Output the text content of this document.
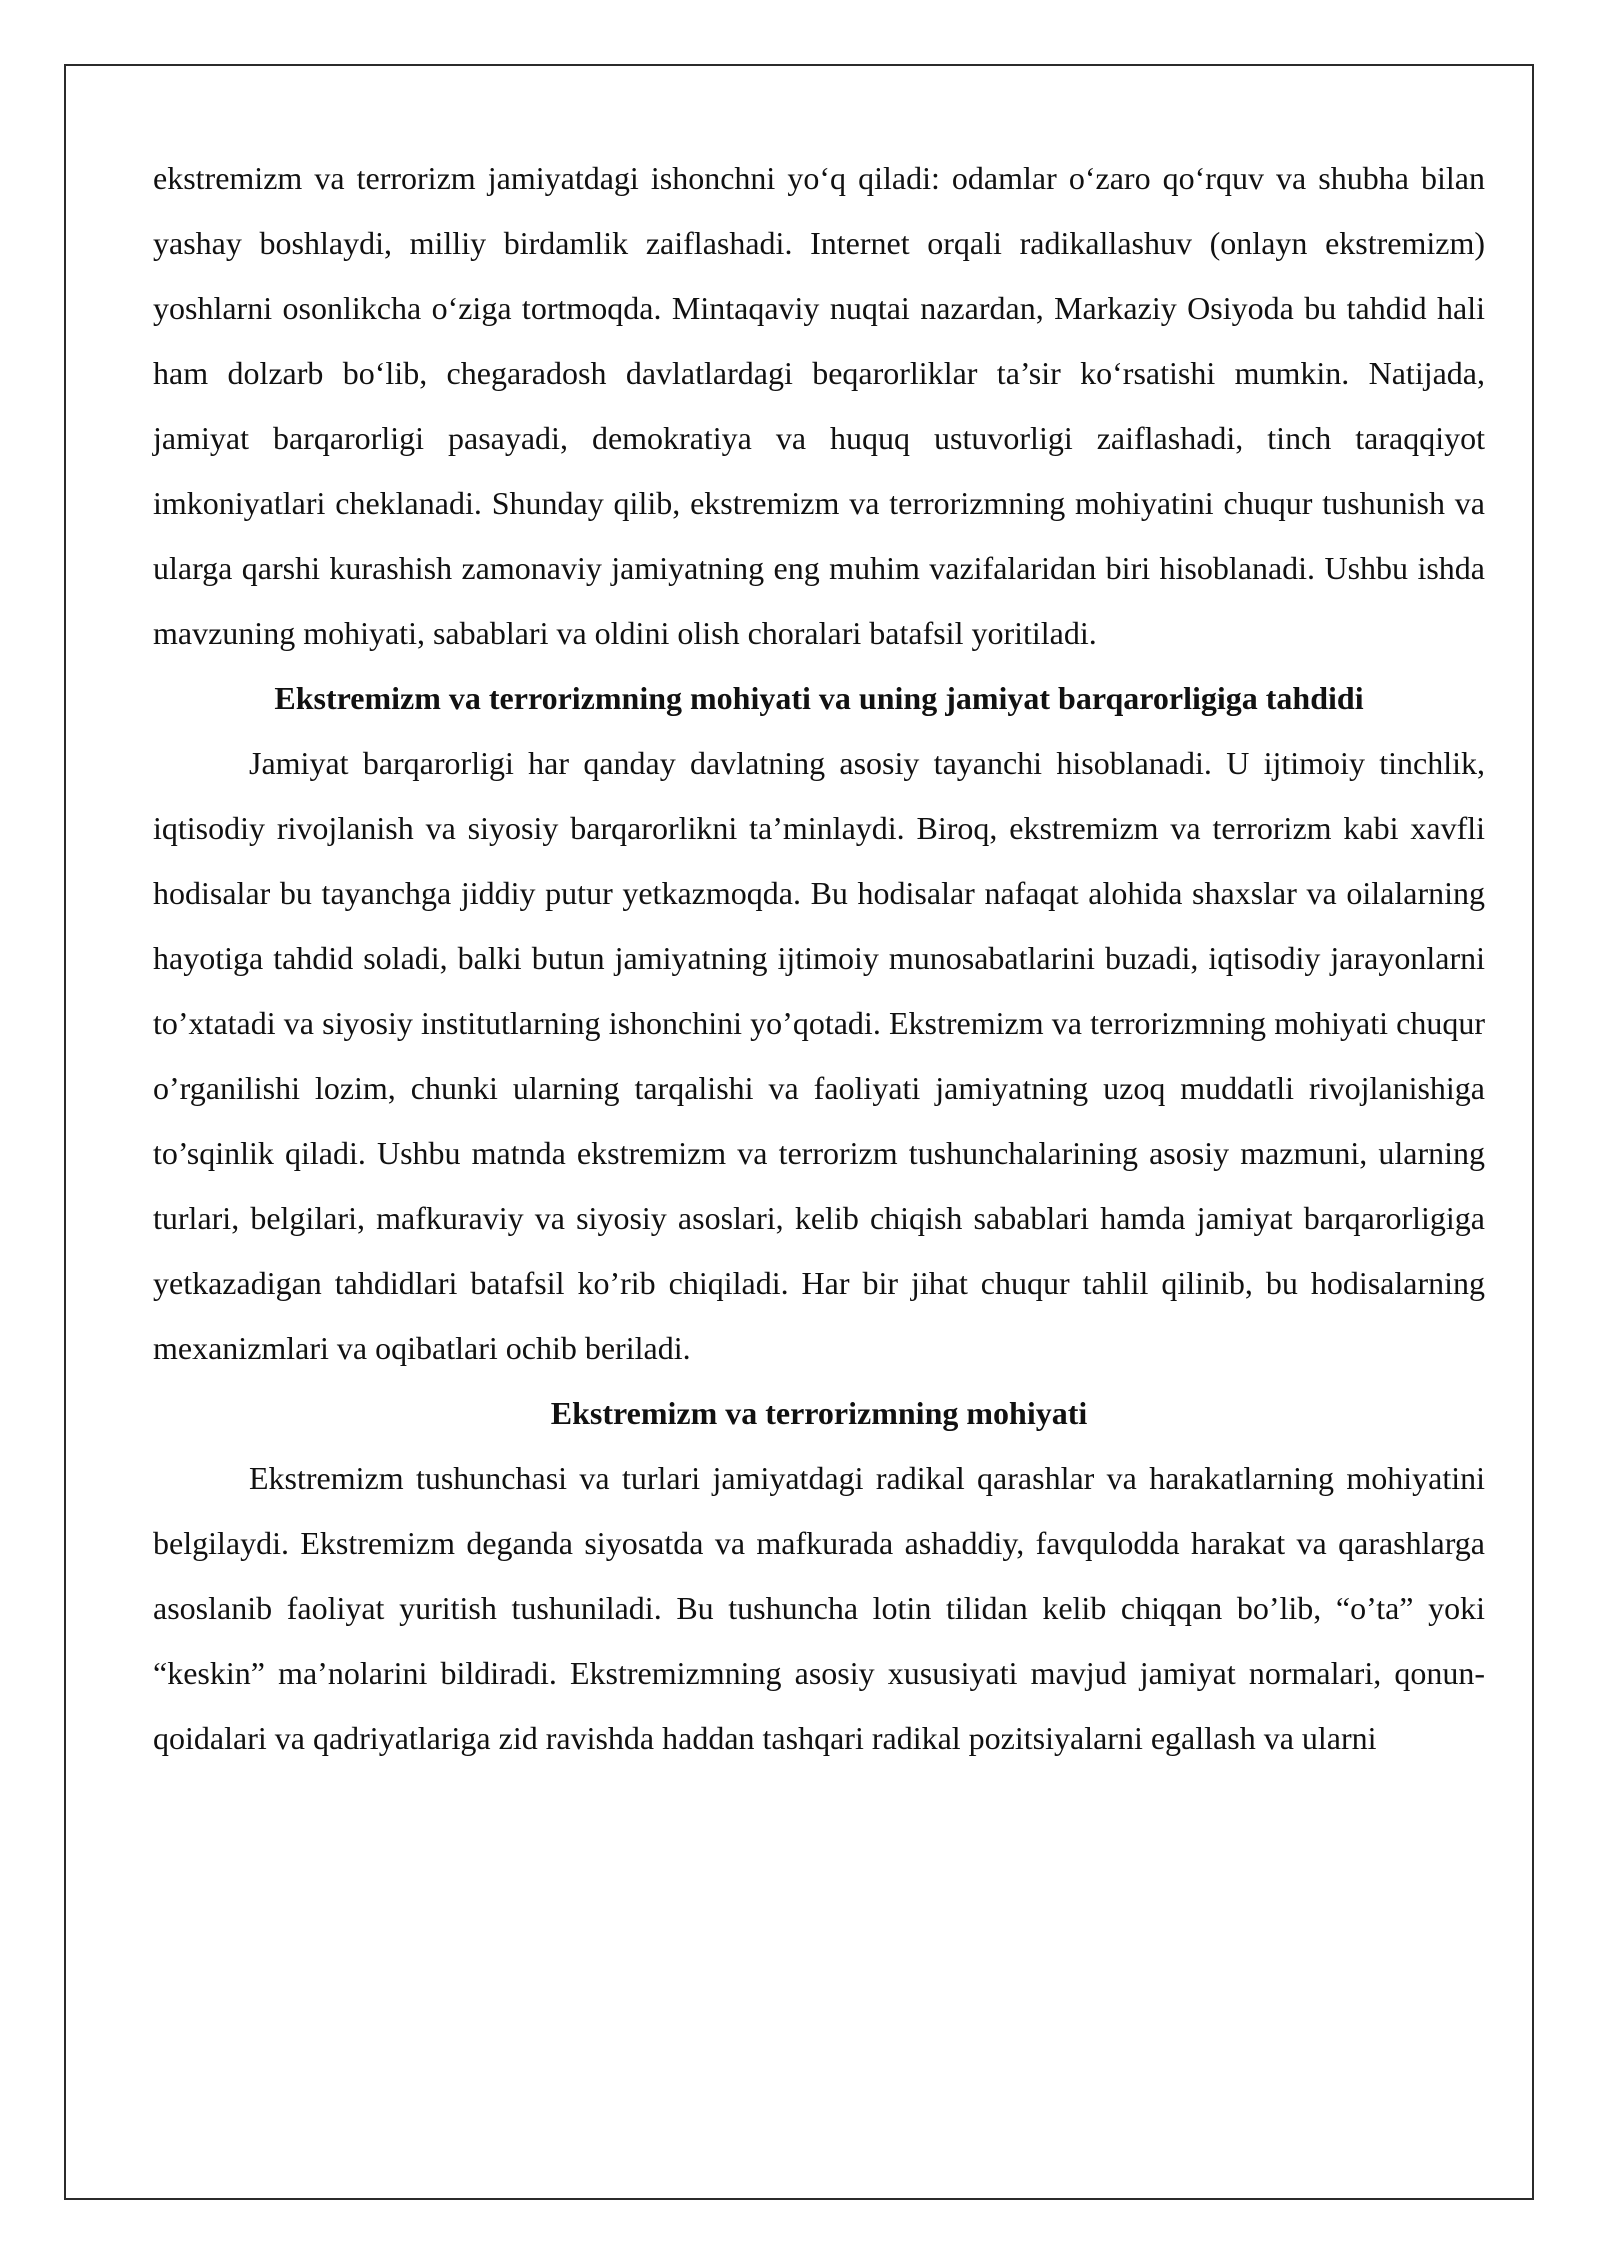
ekstremizm va terrorizm jamiyatdagi ishonchni yo‘q qiladi: odamlar o‘zaro qo‘rquv va shubha bilan yashay boshlaydi, milliy birdamlik zaiflashadi. Internet orqali radikallashuv (onlayn ekstremizm) yoshlarni osonlikcha o‘ziga tortmoqda. Mintaqaviy nuqtai nazardan, Markaziy Osiyoda bu tahdid hali ham dolzarb bo‘lib, chegaradosh davlatlardagi beqarorliklar ta’sir ko‘rsatishi mumkin. Natijada, jamiyat barqarorligi pasayadi, demokratiya va huquq ustuvorligi zaiflashadi, tinch taraqqiyot imkoniyatlari cheklanadi. Shunday qilib, ekstremizm va terrorizmning mohiyatini chuqur tushunish va ularga qarshi kurashish zamonaviy jamiyatning eng muhim vazifalaridan biri hisoblanadi. Ushbu ishda mavzuning mohiyati, sabablari va oldini olish choralari batafsil yoritiladi.

Ekstremizm va terrorizmning mohiyati va uning jamiyat barqarorligiga tahdidi

Jamiyat barqarorligi har qanday davlatning asosiy tayanchi hisoblanadi. U ijtimoiy tinchlik, iqtisodiy rivojlanish va siyosiy barqarorlikni ta’minlaydi. Biroq, ekstremizm va terrorizm kabi xavfli hodisalar bu tayanchga jiddiy putur yetkazmoqda. Bu hodisalar nafaqat alohida shaxslar va oilalarning hayotiga tahdid soladi, balki butun jamiyatning ijtimoiy munosabatlarini buzadi, iqtisodiy jarayonlarni to’xtatadi va siyosiy institutlarning ishonchini yo’qotadi. Ekstremizm va terrorizmning mohiyati chuqur o’rganilishi lozim, chunki ularning tarqalishi va faoliyati jamiyatning uzoq muddatli rivojlanishiga to’sqinlik qiladi. Ushbu matnda ekstremizm va terrorizm tushunchalarining asosiy mazmuni, ularning turlari, belgilari, mafkuraviy va siyosiy asoslari, kelib chiqish sabablari hamda jamiyat barqarorligiga yetkazadigan tahdidlari batafsil ko’rib chiqiladi. Har bir jihat chuqur tahlil qilinib, bu hodisalarning mexanizmlari va oqibatlari ochib beriladi.

Ekstremizm va terrorizmning mohiyati

Ekstremizm tushunchasi va turlari jamiyatdagi radikal qarashlar va harakatlarning mohiyatini belgilaydi. Ekstremizm deganda siyosatda va mafkurada ashaddiy, favqulodda harakat va qarashlarga asoslanib faoliyat yuritish tushuniladi. Bu tushuncha lotin tilidan kelib chiqqan bo’lib, “o’ta” yoki “keskin” ma’nolarini bildiradi. Ekstremizmning asosiy xususiyati mavjud jamiyat normalari, qonun-qoidalari va qadriyatlariga zid ravishda haddan tashqari radikal pozitsiyalarni egallash va ularni
